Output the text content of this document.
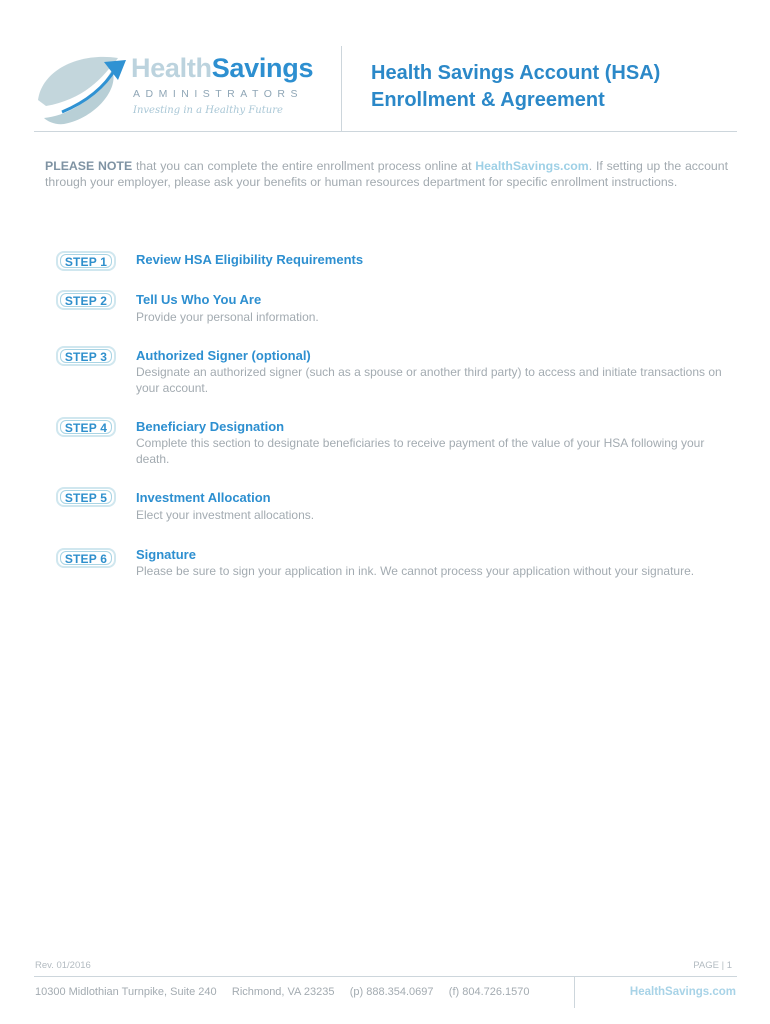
HealthSavings
ADMINISTRATORS
Investing in a Healthy Future
Health Savings Account (HSA)
Enrollment & Agreement
PLEASE NOTE that you can complete the entire enrollment process online at HealthSavings.com. If setting up the account through your employer, please ask your benefits or human resources department for specific enrollment instructions.
STEP 1	Review HSA Eligibility Requirements
STEP 2	Tell Us Who You Are
Provide your personal information.
STEP 3	Authorized Signer (optional)
Designate an authorized signer (such as a spouse or another third party) to access and initiate transactions on your account.
STEP 4	Beneficiary Designation
Complete this section to designate beneficiaries to receive payment of the value of your HSA following your death.
STEP 5	Investment Allocation
Elect your investment allocations.
STEP 6	Signature
Please be sure to sign your application in ink. We cannot process your application without your signature.
Rev. 01/2016	PAGE | 1
10300 Midlothian Turnpike, Suite 240 Richmond, VA 23235 (p) 888.354.0697 (f) 804.726.1570	HealthSavings.com
